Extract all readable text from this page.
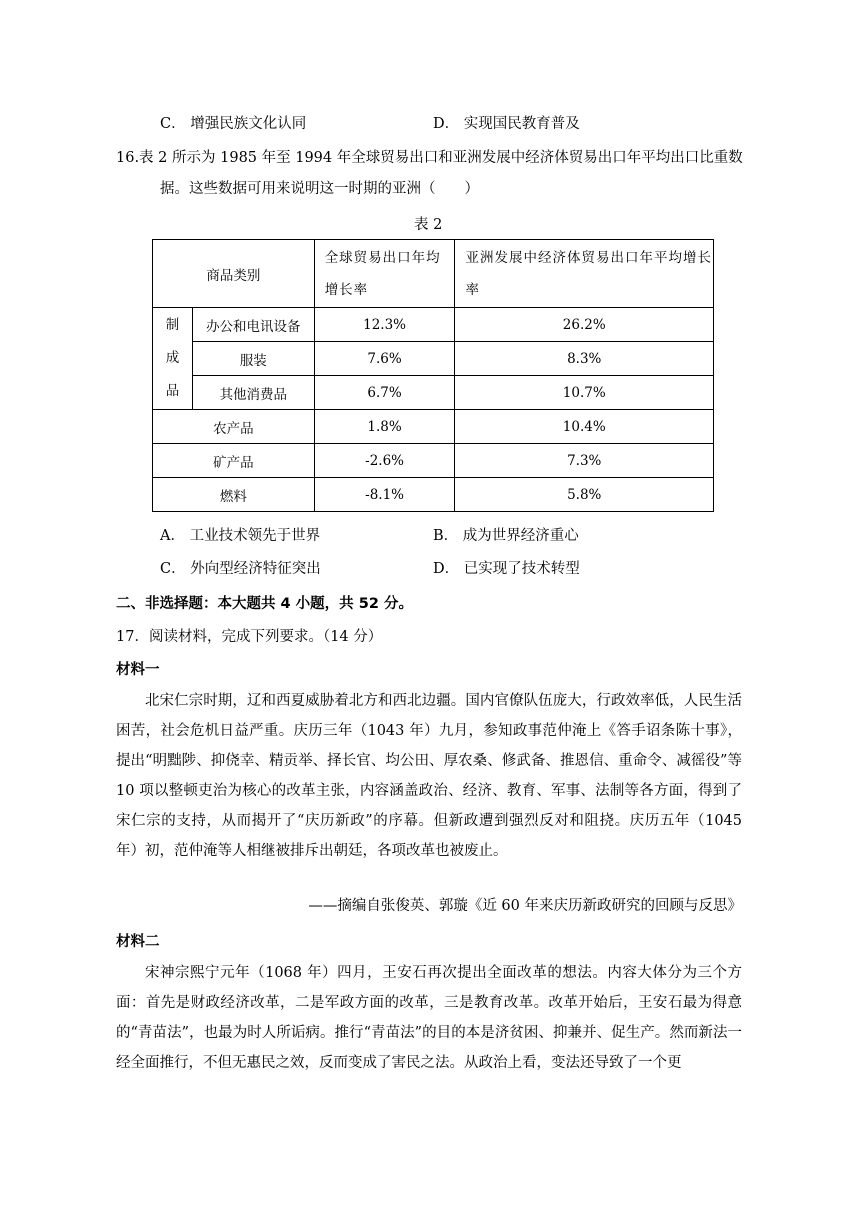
C． 增强民族文化认同	D． 实现国民教育普及
16.表 2 所示为 1985 年至 1994 年全球贸易出口和亚洲发展中经济体贸易出口年平均出口比重数
据。这些数据可用来说明这一时期的亚洲（　　）
表 2
商品类别		全球贸易出口年均增长率	亚洲发展中经济体贸易出口年平均增长率

制
成
品	办公和电讯设备	12.3%	26.2%
	服装	7.6%	8.3%
	其他消费品	6.7%	10.7%
农产品		1.8%	10.4%
矿产品		-2.6%	7.3%
燃料		-8.1%	5.8%
A． 工业技术领先于世界	B． 成为世界经济重心
C． 外向型经济特征突出	D． 已实现了技术转型
二、非选择题：本大题共 4 小题，共 52 分。
17．阅读材料，完成下列要求。（14 分）
材料一
北宋仁宗时期，辽和西夏威胁着北方和西北边疆。国内官僚队伍庞大，行政效率低，人民生活困苦，社会危机日益严重。庆历三年（1043 年）九月，参知政事范仲淹上《答手诏条陈十事》，提出“明黜陟、抑侥幸、精贡举、择长官、均公田、厚农桑、修武备、推恩信、重命令、减徭役”等 10 项以整顿吏治为核心的改革主张，内容涵盖政治、经济、教育、军事、法制等各方面，得到了宋仁宗的支持，从而揭开了“庆历新政”的序幕。但新政遭到强烈反对和阻挠。庆历五年（1045 年）初，范仲淹等人相继被排斥出朝廷，各项改革也被废止。
——摘编自张俊英、郭璇《近 60 年来庆历新政研究的回顾与反思》
材料二
宋神宗熙宁元年（1068 年）四月，王安石再次提出全面改革的想法。内容大体分为三个方面：首先是财政经济改革，二是军政方面的改革，三是教育改革。改革开始后，王安石最为得意的“青苗法”，也最为时人所诟病。推行“青苗法”的目的本是济贫困、抑兼并、促生产。然而新法一经全面推行，不但无惠民之效，反而变成了害民之法。从政治上看，变法还导致了一个更
